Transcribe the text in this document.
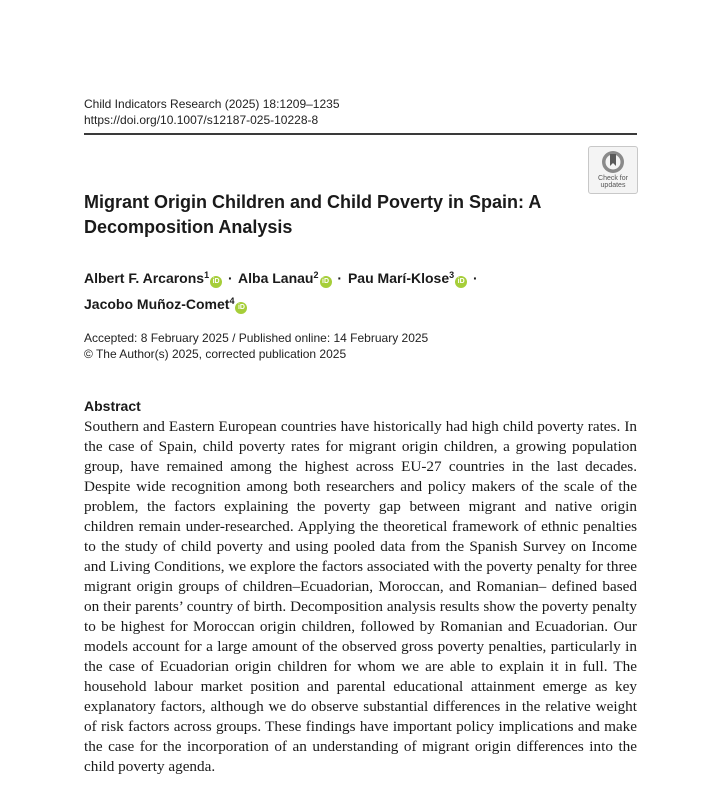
Child Indicators Research (2025) 18:1209–1235
https://doi.org/10.1007/s12187-025-10228-8
Check for
updates
Migrant Origin Children and Child Poverty in Spain: A Decomposition Analysis
Albert F. Arcarons$^1$iD · Alba Lanau$^2$iD · Pau Marí-Klose$^3$iD ·
Jacobo Muñoz-Comet$^4$iD
Accepted: 8 February 2025 / Published online: 14 February 2025
© The Author(s) 2025, corrected publication 2025
Abstract
Southern and Eastern European countries have historically had high child poverty rates. In the case of Spain, child poverty rates for migrant origin children, a growing population group, have remained among the highest across EU-27 countries in the last decades. Despite wide recognition among both researchers and policy makers of the scale of the problem, the factors explaining the poverty gap between migrant and native origin children remain under-researched. Applying the theoretical framework of ethnic penalties to the study of child poverty and using pooled data from the Spanish Survey on Income and Living Conditions, we explore the factors associated with the poverty penalty for three migrant origin groups of children–Ecuadorian, Moroccan, and Romanian– defined based on their parents’ country of birth. Decomposition analysis results show the poverty penalty to be highest for Moroccan origin children, followed by Romanian and Ecuadorian. Our models account for a large amount of the observed gross poverty penalties, particularly in the case of Ecuadorian origin children for whom we are able to explain it in full. The household labour market position and parental educational attainment emerge as key explanatory factors, although we do observe substantial differences in the relative weight of risk factors across groups. These findings have important policy implications and make the case for the incorporation of an understanding of migrant origin differences into the child poverty agenda.
